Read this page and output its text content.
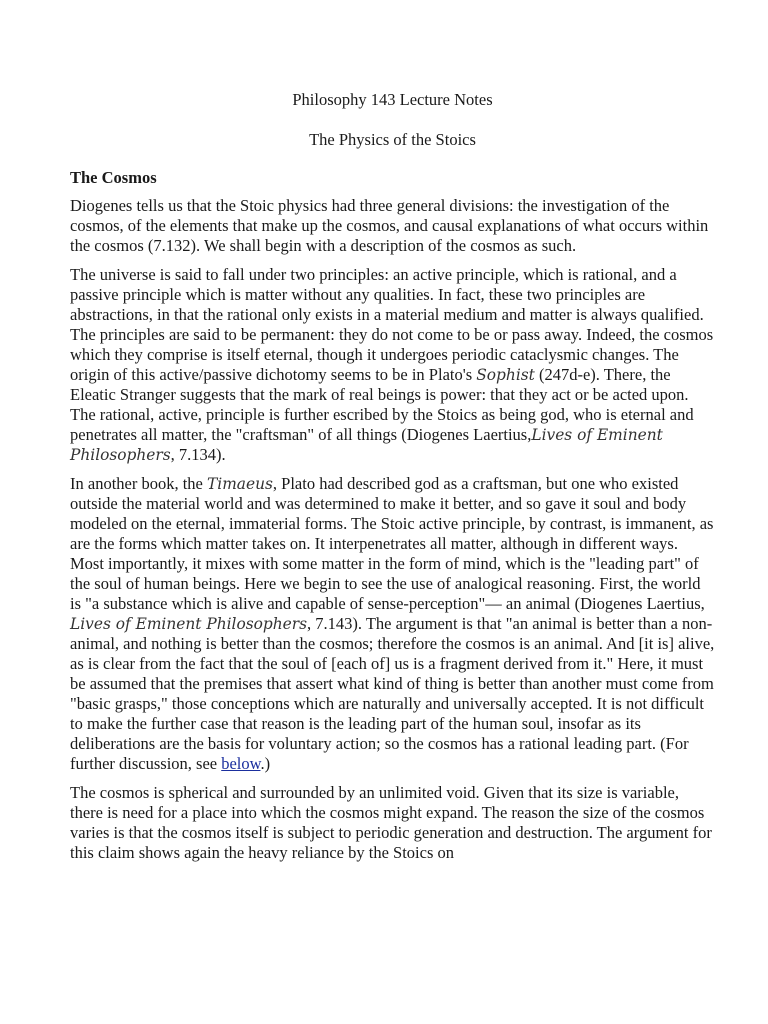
Philosophy 143 Lecture Notes
The Physics of the Stoics
The Cosmos

Diogenes tells us that the Stoic physics had three general divisions: the investigation of the cosmos, of the elements that make up the cosmos, and causal explanations of what occurs within the cosmos (7.132). We shall begin with a description of the cosmos as such.

The universe is said to fall under two principles: an active principle, which is rational, and a passive principle which is matter without any qualities. In fact, these two principles are abstractions, in that the rational only exists in a material medium and matter is always qualified. The principles are said to be permanent: they do not come to be or pass away. Indeed, the cosmos which they comprise is itself eternal, though it undergoes periodic cataclysmic changes. The origin of this active/passive dichotomy seems to be in Plato's Sophist (247d-e). There, the Eleatic Stranger suggests that the mark of real beings is power: that they act or be acted upon. The rational, active, principle is further escribed by the Stoics as being god, who is eternal and penetrates all matter, the "craftsman" of all things (Diogenes Laertius,Lives of Eminent Philosophers, 7.134).

In another book, the Timaeus, Plato had described god as a craftsman, but one who existed outside the material world and was determined to make it better, and so gave it soul and body modeled on the eternal, immaterial forms. The Stoic active principle, by contrast, is immanent, as are the forms which matter takes on. It interpenetrates all matter, although in different ways. Most importantly, it mixes with some matter in the form of mind, which is the "leading part" of the soul of human beings. Here we begin to see the use of analogical reasoning. First, the world is "a substance which is alive and capable of sense-perception"— an animal (Diogenes Laertius, Lives of Eminent Philosophers, 7.143). The argument is that "an animal is better than a non-animal, and nothing is better than the cosmos; therefore the cosmos is an animal. And [it is] alive, as is clear from the fact that the soul of [each of] us is a fragment derived from it." Here, it must be assumed that the premises that assert what kind of thing is better than another must come from "basic grasps," those conceptions which are naturally and universally accepted. It is not difficult to make the further case that reason is the leading part of the human soul, insofar as its deliberations are the basis for voluntary action; so the cosmos has a rational leading part. (For further discussion, see below.)

The cosmos is spherical and surrounded by an unlimited void. Given that its size is variable, there is need for a place into which the cosmos might expand. The reason the size of the cosmos varies is that the cosmos itself is subject to periodic generation and destruction. The argument for this claim shows again the heavy reliance by the Stoics on
